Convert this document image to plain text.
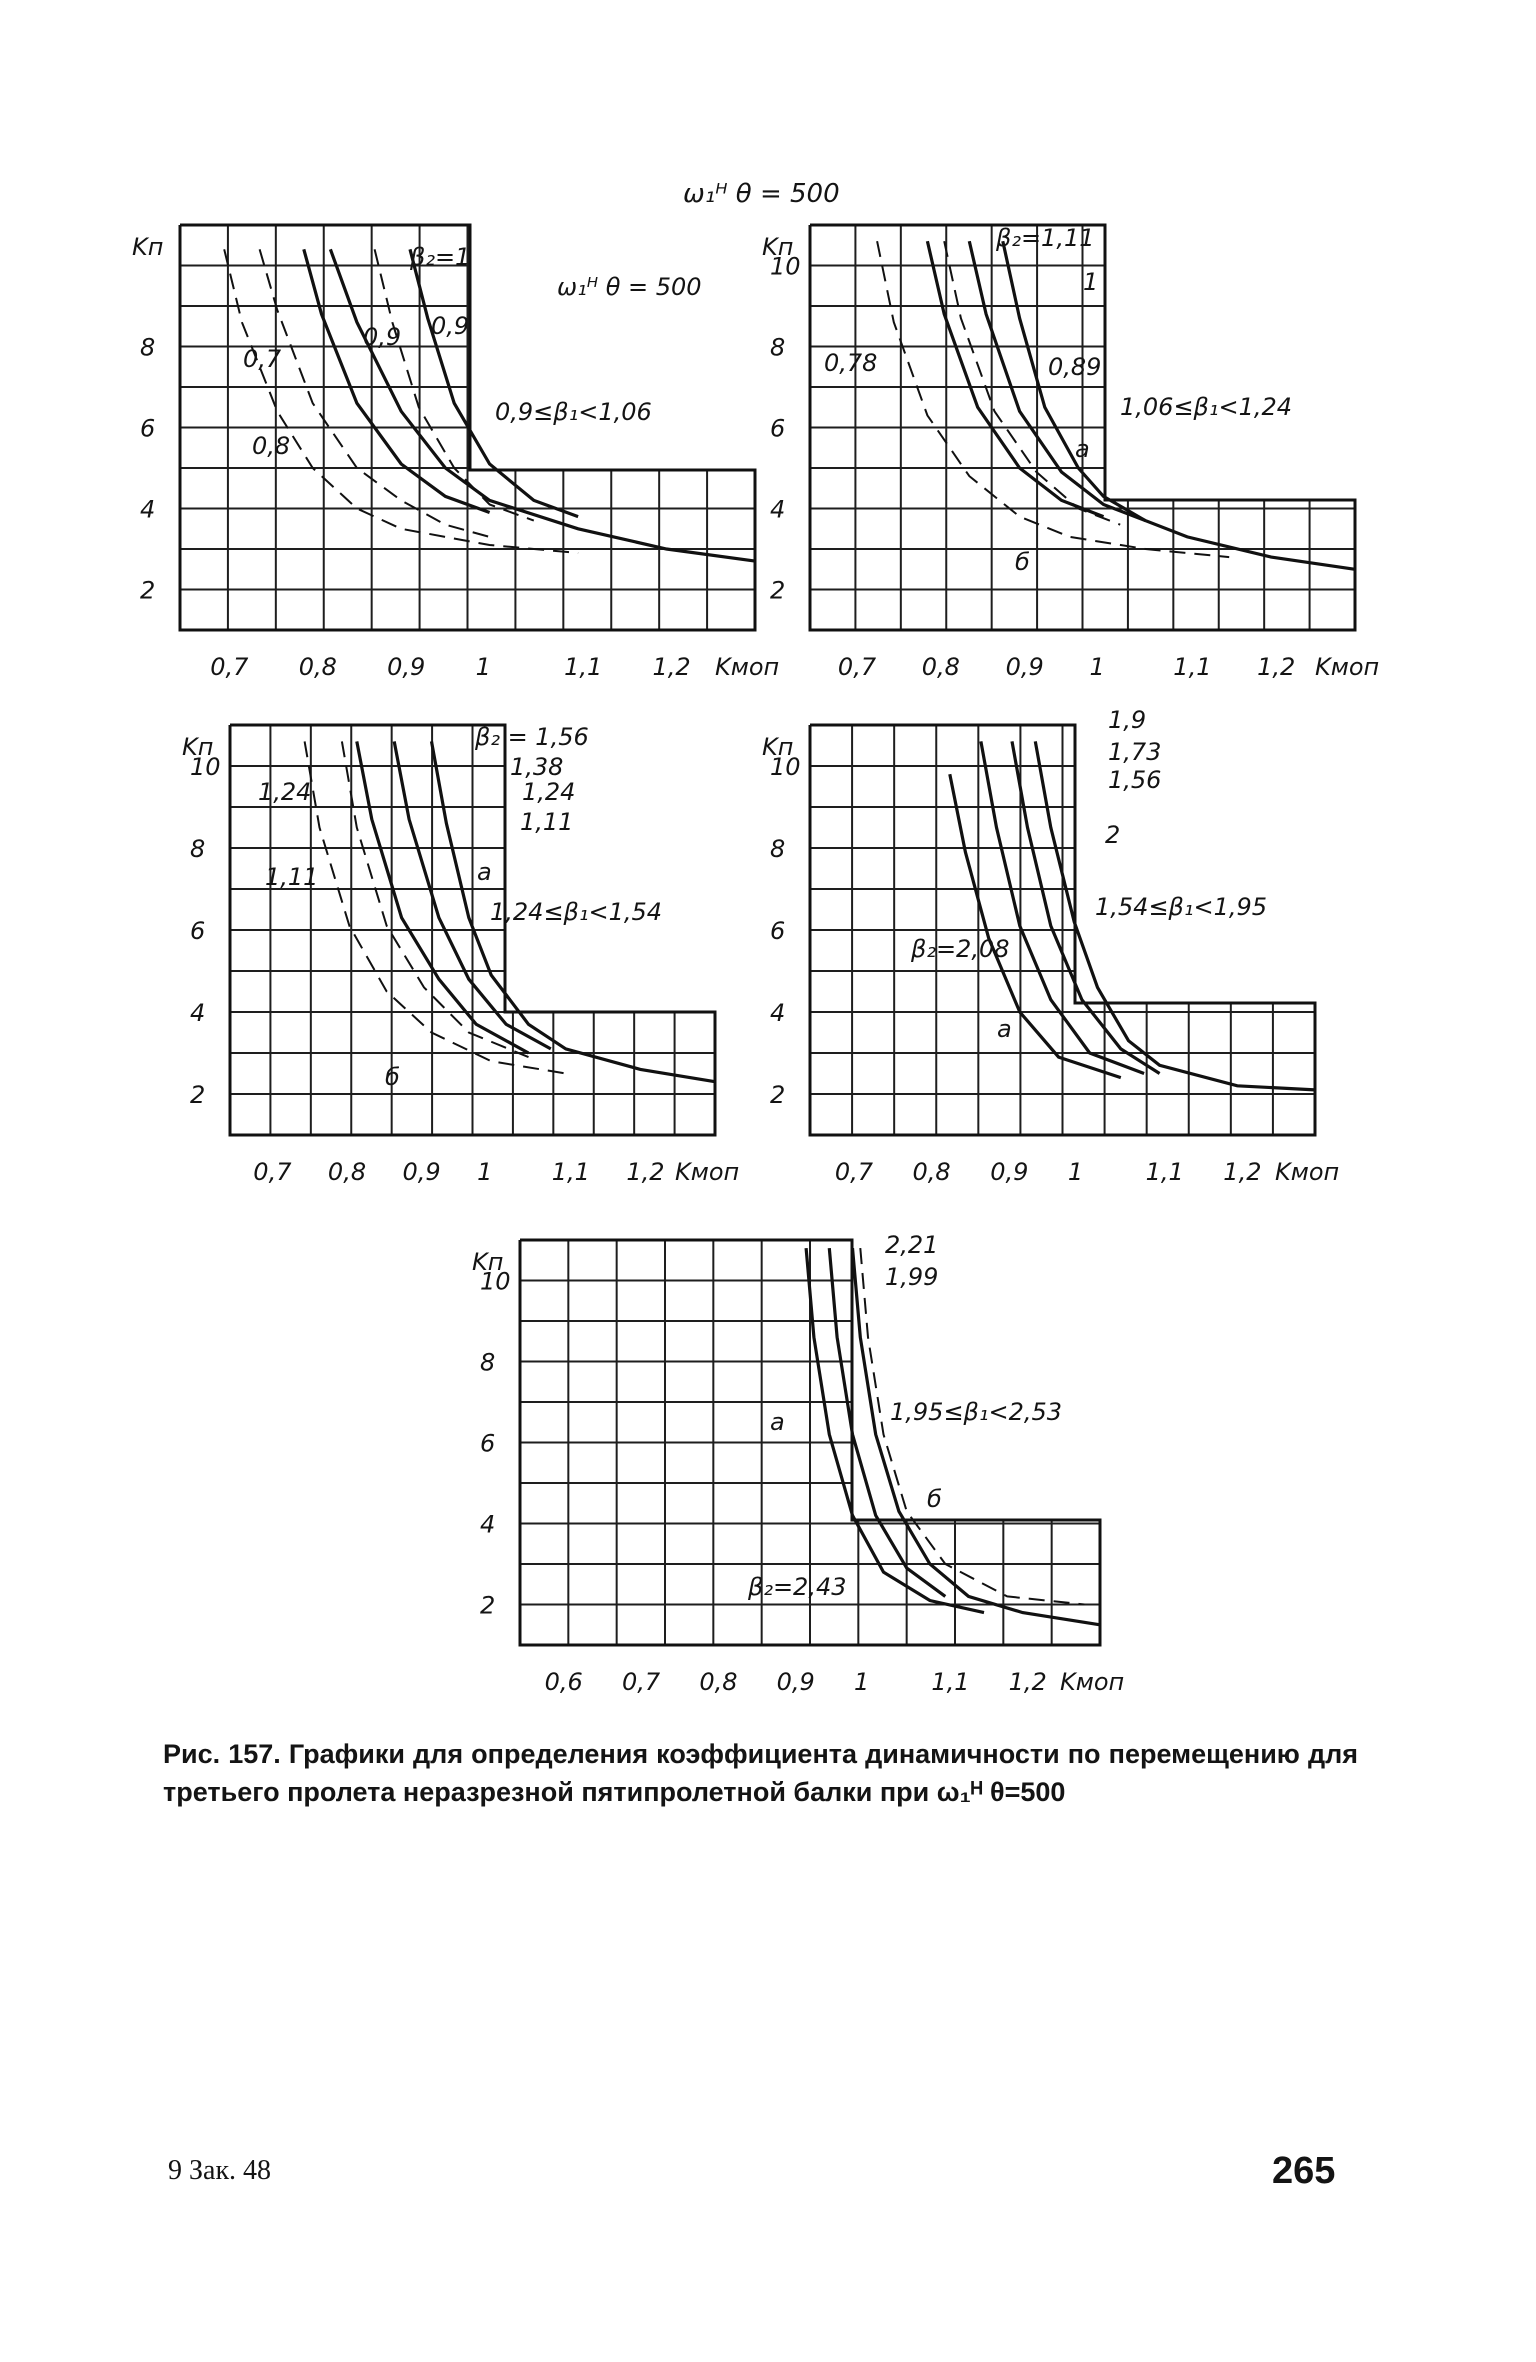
ω₁ᴴ θ = 500
Kп
Kмоп
0,7 0,8 0,9 1	1,1 1,2
2
4
6
8
0,9≤β₁<1,06
ω₁ᴴ θ = 500
β₂=1
0,9
0,9
0,7
0,8
Kп
Kмоп
0,7 0,8 0,9 1	1,1 1,2
2
4
6
8
10
1,06≤β₁<1,24
β₂=1,11
1
0,89
0,78
a
б
Kп
Kмоп
0,7 0,8 0,9 1 1,1 1,2
2
4
6
8
10
1,24≤β₁<1,54
β₂ = 1,56
1,38
1,24
1,11
1,24
1,11	a
б
Kп
Kмоп
0,7 0,8 0,9 1	1,1 1,2
2
4
6
8
10
1,54≤β₁<1,95
1,9
1,73
1,56
2
β₂=2,08
a
Kп
Kмоп
0,6 0,7 0,8 0,9 1	1,1 1,2
2
4
6
8
10
1,95≤β₁<2,53
2,21
1,99
a
б
β₂=2,43
Рис. 157. Графики для определения коэффициента динамичности по перемещению для третьего пролета неразрезной пятипролетной балки при ω₁ᴴ θ=500
9 Зак. 48	265
